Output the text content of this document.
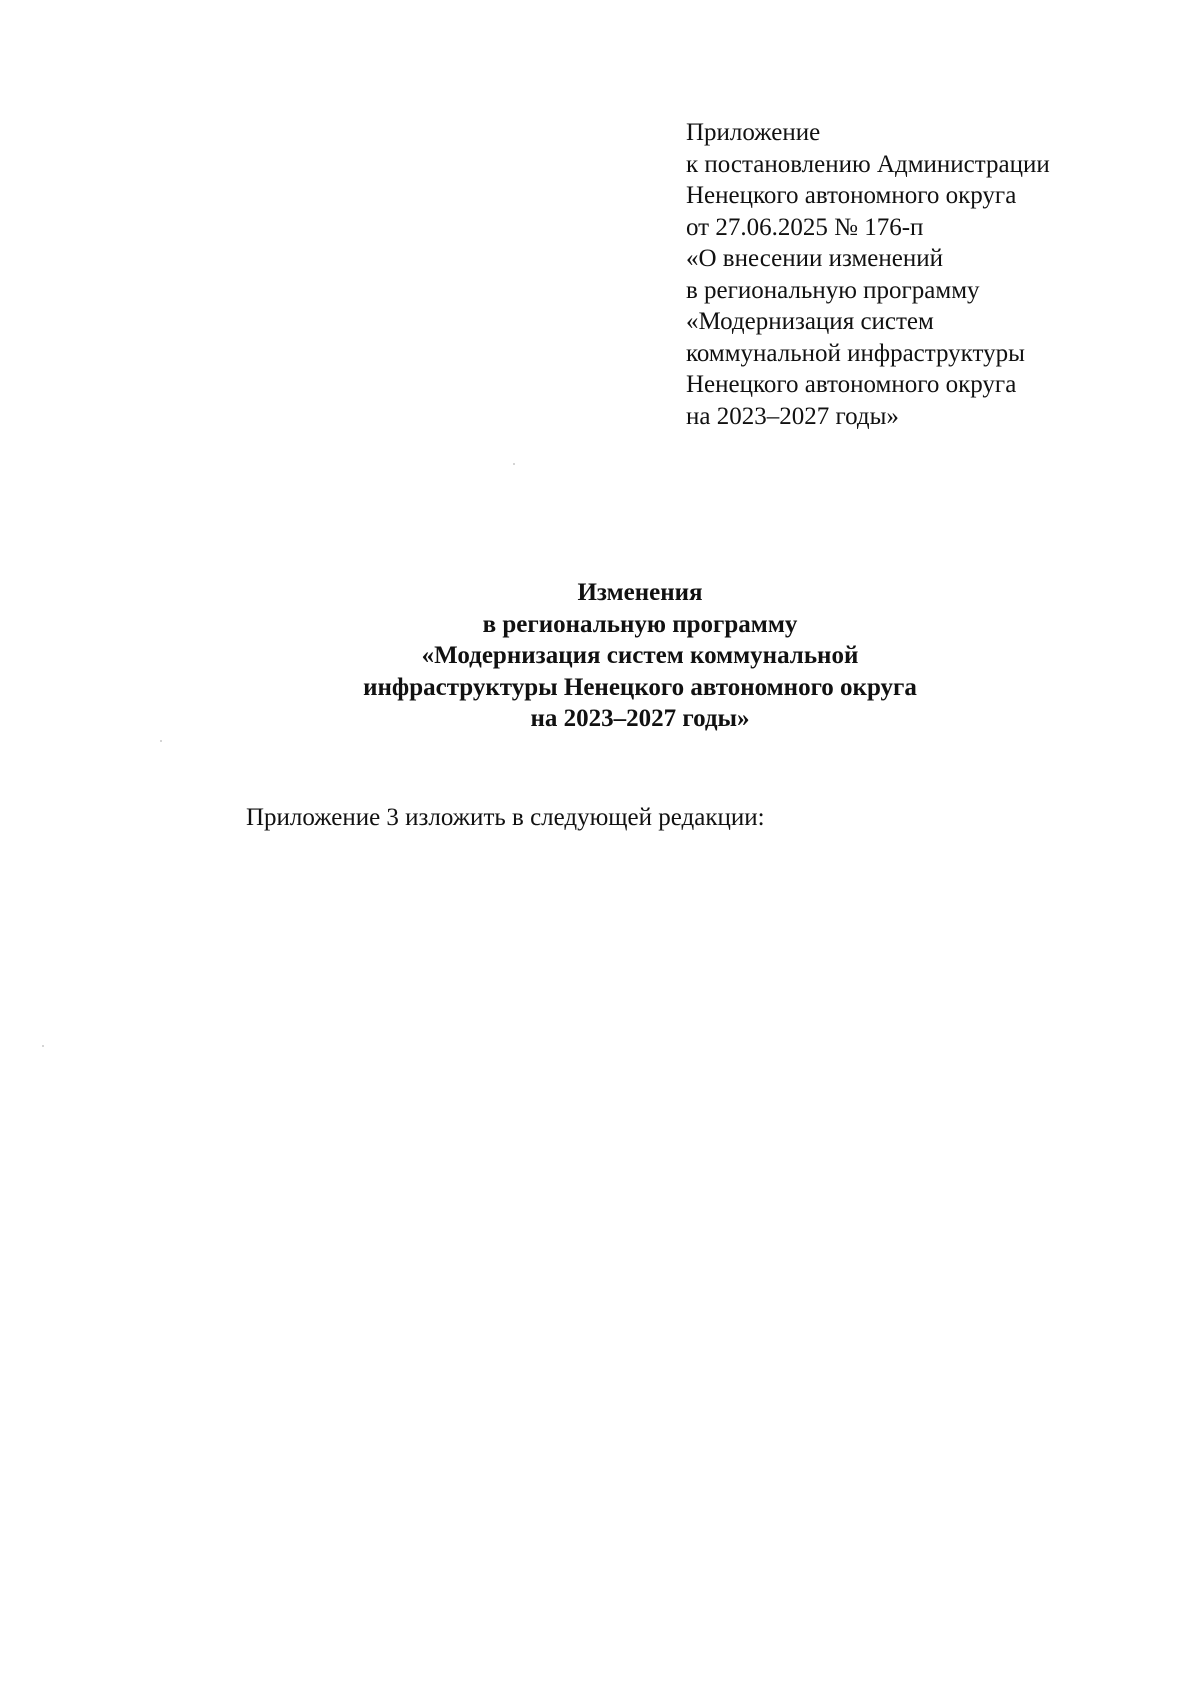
Приложение
к постановлению Администрации
Ненецкого автономного округа
от 27.06.2025 № 176-п
«О внесении изменений
в региональную программу
«Модернизация систем
коммунальной инфраструктуры
Ненецкого автономного округа
на 2023–2027 годы»
Изменения
в региональную программу
«Модернизация систем коммунальной
инфраструктуры Ненецкого автономного округа
на 2023–2027 годы»
Приложение 3 изложить в следующей редакции:
